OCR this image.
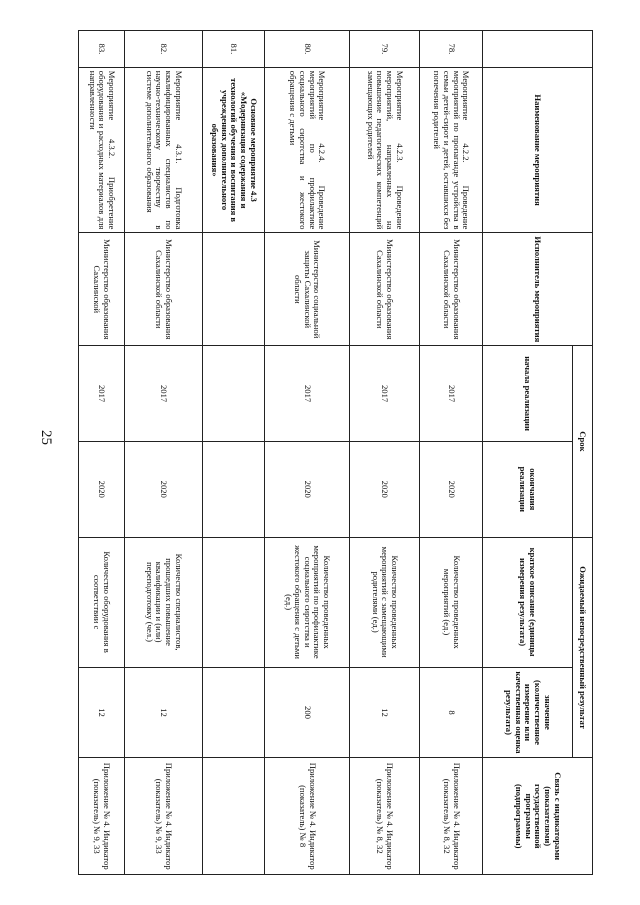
25
	Наименование мероприятия	Исполнитель мероприятия	Срок		Ожидаемый непосредственный результат		Связь с индикаторами (показателями) государственной программы (подпрограммы)
			начала реализации	окончания реализации	краткое описание (единицы измерения результата)	значение (количественное измерение или качественная оценка результата)	

78.	Мероприятие 4.2.2. Проведение мероприятий по пропаганде устройства в семьи детей-сирот и детей, оставшихся без попечения родителей	Министерство образования Сахалинской области	2017	2020	Количество проведенных мероприятий (ед.)	8	Приложение № 4. Индикатор (показатель) № 8, 32
79.	Мероприятие 4.2.3. Проведение мероприятий, направленных на повышение педагогических компетенций замещающих родителей	Министерство образования Сахалинской области	2017	2020	Количество проведенных мероприятий с замещающими родителями (ед.)	12	Приложение № 4. Индикатор (показатель) № 8, 32
80.	Мероприятие 4.2.4. Проведение мероприятий по профилактике социального сиротства и жестокого обращения с детьми	Министерство социальной защиты Сахалинской области	2017	2020	Количество проведенных мероприятий по профилактике социального сиротства и жестокого обращения с детьми (ед.)	200	Приложение № 4. Индикатор (показатель) № 8
81.	Основное мероприятие 4.3 «Модернизация содержания и технологий обучения и воспитания в учреждениях дополнительного образования»						
82.	Мероприятие 4.3.1. Подготовка квалифицированных специалистов по научно-техническому творчеству в системе дополнительного образования	Министерство образования Сахалинской области	2017	2020	Количество специалистов, прошедших повышение квалификации и (или) переподготовку (чел.)	12	Приложение № 4. Индикатор (показатель) № 9, 33
83.	Мероприятие 4.3.2. Приобретение оборудования и расходных материалов для направленности	Министерство образования Сахалинской	2017	2020	Количество оборудования в соответствии с	12	Приложение № 4. Индикатор (показатель) № 9, 33
